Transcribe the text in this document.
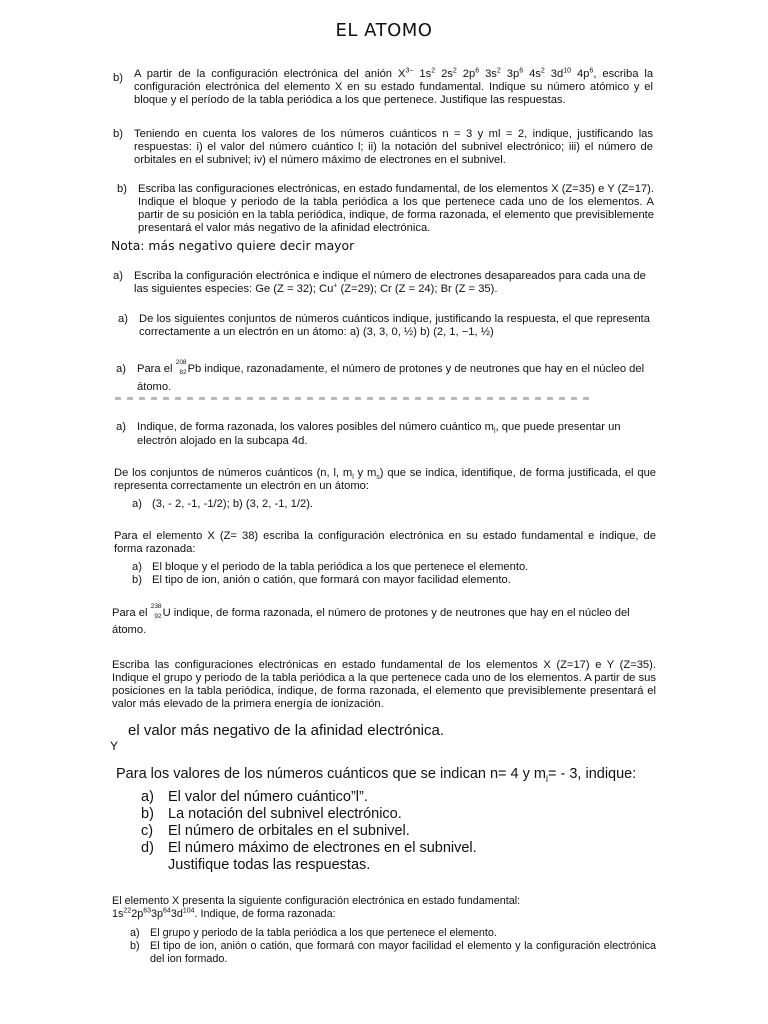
EL ATOMO
b) A partir de la configuración electrónica del anión $X^{3-}$ $1s^2$ $2s^2$ $2p^6$ $3s^2$ $3p^6$ $4s^2$ $3d^{10}$ $4p^6$, escriba la configuración electrónica del elemento X en su estado fundamental. Indique su número atómico y el bloque y el período de la tabla periódica a los que pertenece. Justifique las respuestas.

b) Teniendo en cuenta los valores de los números cuánticos n = 3 y ml = 2, indique, justificando las respuestas: i) el valor del número cuántico l; ii) la notación del subnivel electrónico; iii) el número de orbitales en el subnivel; iv) el número máximo de electrones en el subnivel.

b) Escriba las configuraciones electrónicas, en estado fundamental, de los elementos X (Z=35) e Y (Z=17). Indique el bloque y periodo de la tabla periódica a los que pertenece cada uno de los elementos. A partir de su posición en la tabla periódica, indique, de forma razonada, el elemento que previsiblemente presentará el valor más negativo de la afinidad electrónica.

Nota: más negativo quiere decir mayor
a) Escriba la configuración electrónica e indique el número de electrones desapareados para cada una de las siguientes especies: Ge (Z = 32); Cu+ (Z=29); Cr (Z = 24); Br (Z = 35).

a) De los siguientes conjuntos de números cuánticos indique, justificando la respuesta, el que representa correctamente a un electrón en un átomo: a) (3, 3, 0, ½) b) (2, 1, −1, ½)

a) Para el
208
82 Pb indique, razonadamente, el número de protones y de neutrones que hay en el núcleo del átomo.

a) Indique, de forma razonada, los valores posibles del número cuántico $m_l$, que puede presentar un electrón alojado en la subcapa 4d.

De los conjuntos de números cuánticos (n, l, $m_l$ y $m_s$) que se indica, identifique, de forma justificada, el que representa correctamente un electrón en un átomo:

a) (3, - 2, -1, -1/2); b) (3, 2, -1, 1/2).

Para el elemento X (Z= 38) escriba la configuración electrónica en su estado fundamental e indique, de forma razonada:

a) El bloque y el periodo de la tabla periódica a los que pertenece el elemento.
b) El tipo de ion, anión o catión, que formará con mayor facilidad elemento.

Para el
238
92 U indique, de forma razonada, el número de protones y de neutrones que hay en el núcleo del átomo.

Escriba las configuraciones electrónicas en estado fundamental de los elementos X (Z=17) e Y (Z=35). Indique el grupo y periodo de la tabla periódica a la que pertenece cada uno de los elementos. A partir de sus posiciones en la tabla periódica, indique, de forma razonada, el elemento que previsiblemente presentará el valor más elevado de la primera energía de ionización.

Y
el valor más negativo de la afinidad electrónica.
Para los valores de los números cuánticos que se indican n= 4 y $m_l= - 3$, indique:
a) El valor del número cuántico”l”.
b) La notación del subnivel electrónico.
c)	El número de orbitales en el subnivel.
d) El número máximo de electrones en el subnivel.
Justifique todas las respuestas.

El elemento X presenta la siguiente configuración electrónica en estado fundamental:

$1s^{22}2p^{63}3p^{64}3d^{104}$. Indique, de forma razonada:

a) El grupo y periodo de la tabla periódica a los que pertenece el elemento.
b) El tipo de ion, anión o catión, que formará con mayor facilidad el elemento y la configuración electrónica del ion formado.
